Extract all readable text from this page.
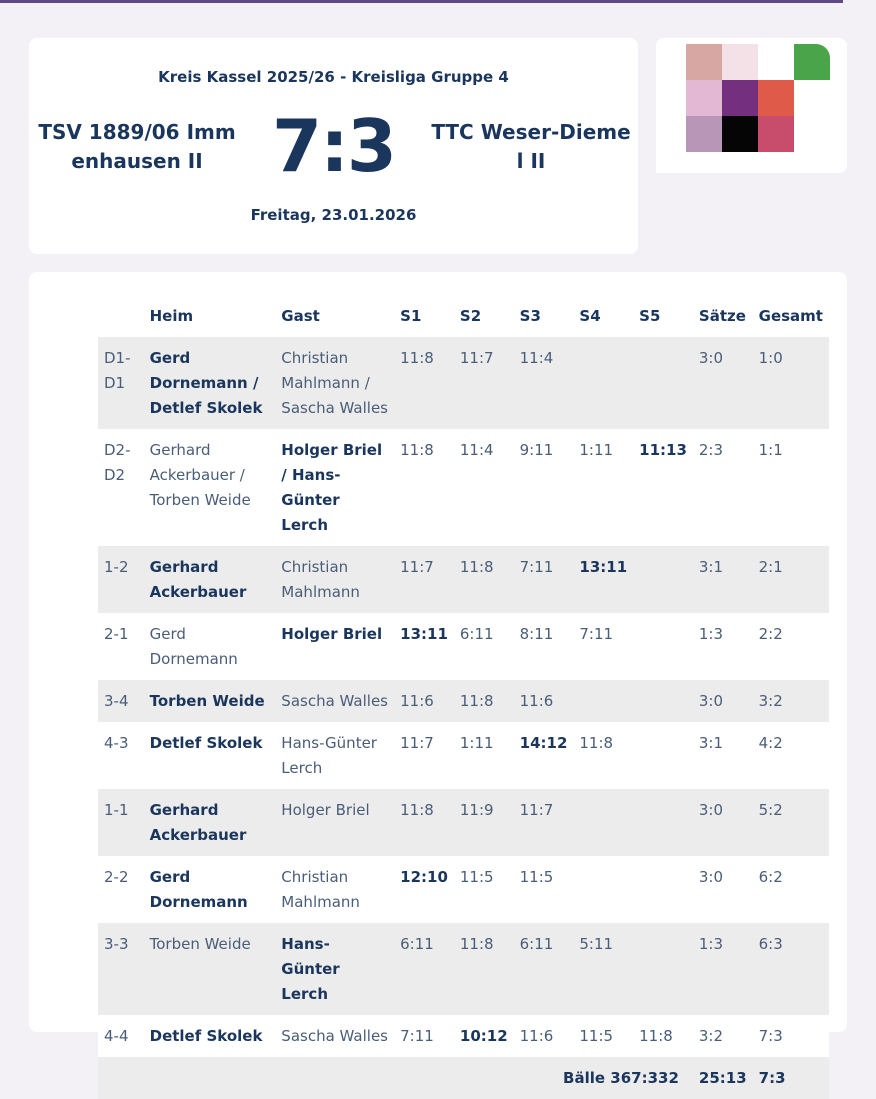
Kreis Kassel 2025/26 - Kreisliga Gruppe 4
TSV 1889/06 Immenhausen II 7:3	TTC Weser-Diemel II
Freitag, 23.01.2026
	Heim	Gast	S1	S2	S3	S4	S5	Sätze	Gesamt
D1-D1	Gerd Dornemann / Detlef Skolek	Christian Mahlmann / Sascha Walles	11:8	11:7	11:4			3:0	1:0
D2-D2	Gerhard Ackerbauer / Torben Weide	Holger Briel / Hans-Günter Lerch	11:8	11:4	9:11	1:11	11:13	2:3	1:1
1-2	Gerhard Ackerbauer	Christian Mahlmann	11:7	11:8	7:11	13:11		3:1	2:1
2-1	Gerd Dornemann	Holger Briel	13:11	6:11	8:11	7:11		1:3	2:2
3-4	Torben Weide	Sascha Walles	11:6	11:8	11:6			3:0	3:2
4-3	Detlef Skolek	Hans-Günter Lerch	11:7	1:11	14:12	11:8		3:1	4:2
1-1	Gerhard Ackerbauer	Holger Briel	11:8	11:9	11:7			3:0	5:2
2-2	Gerd Dornemann	Christian Mahlmann	12:10	11:5	11:5			3:0	6:2
3-3	Torben Weide	Hans-Günter Lerch	6:11	11:8	6:11	5:11		1:3	6:3
4-4	Detlef Skolek	Sascha Walles	7:11	10:12	11:6	11:5	11:8	3:2	7:3
			Bälle 367:332					25:13	7:3
